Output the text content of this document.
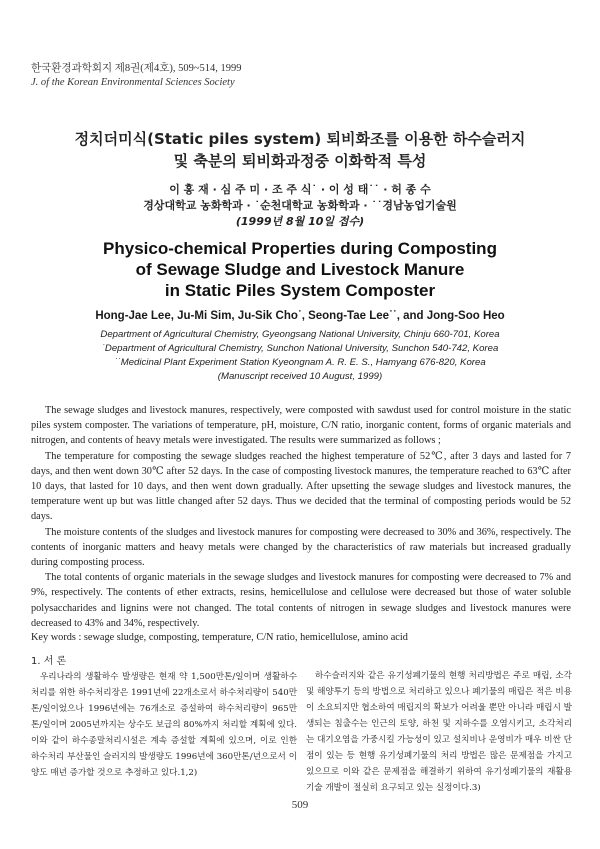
한국환경과학회지 제8권(제4호), 509~514, 1999
J. of the Korean Environmental Sciences Society
정치더미식(Static piles system) 퇴비화조를 이용한 하수슬러지
및 축분의 퇴비화과정중 이화학적 특성
이 홍 재 · 심 주 미 · 조 주 식˙ · 이 성 태˙˙ · 허 종 수
경상대학교 농화학과 · ˙순천대학교 농화학과 · ˙˙경남농업기술원
(1999년 8월 10일 접수)
Physico-chemical Properties during Composting
of Sewage Sludge and Livestock Manure
in Static Piles System Composter
Hong-Jae Lee, Ju-Mi Sim, Ju-Sik Cho˙, Seong-Tae Lee˙˙, and Jong-Soo Heo
Department of Agricultural Chemistry, Gyeongsang National University, Chinju 660-701, Korea
˙Department of Agricultural Chemistry, Sunchon National University, Sunchon 540-742, Korea
˙˙Medicinal Plant Experiment Station Kyeongnam A. R. E. S., Hamyang 676-820, Korea
(Manuscript received 10 August, 1999)

The sewage sludges and livestock manures, respectively, were composted with sawdust used for control moisture in the static piles system composter. The variations of temperature, pH, moisture, C/N ratio, inorganic content, forms of organic materials and nitrogen, and contents of heavy metals were investigated. The results were summarized as follows ;

The temperature for composting the sewage sludges reached the highest temperature of 52℃, after 3 days and lasted for 7 days, and then went down 30℃ after 52 days. In the case of composting livestock manures, the temperature reached to 63℃ after 10 days, that lasted for 10 days, and then went down gradually. After upsetting the sewage sludges and livestock manures, the temperature went up but was little changed after 52 days. Thus we decided that the terminal of composting periods would be 52 days.

The moisture contents of the sludges and livestock manures for composting were decreased to 30% and 36%, respectively. The contents of inorganic matters and heavy metals were changed by the characteristics of raw materials but increased gradually during composting process.

The total contents of organic materials in the sewage sludges and livestock manures for composting were decreased to 7% and 9%, respectively. The contents of ether extracts, resins, hemicellulose and cellulose were decreased but those of water soluble polysaccharides and lignins were not changed. The total contents of nitrogen in sewage sludges and livestock manures were decreased to 43% and 34%, respectively.

Key words : sewage sludge, composting, temperature, C/N ratio, hemicellulose, amino acid
1. 서 론

우리나라의 생활하수 발생량은 현재 약 1,500만톤/일이며 생활하수처리를 위한 하수처리장은 1991년에 22개소로서 하수처리량이 540만톤/일이었으나 1996년에는 76개소로 증설하여 하수처리량이 965만톤/일이며 2005년까지는 상수도 보급의 80%까지 처리할 계획에 있다. 이와 같이 하수종말처리시설은 계속 증설할 계획에 있으며, 이로 인한 하수처리 부산물인 슬러지의 발생량도 1996년에 360만톤/년으로서 이 양도 매년 증가할 것으로 추정하고 있다.1,2)

하수슬러지와 같은 유기성폐기물의 현행 처리방법은 주로 매립, 소각 및 해양투기 등의 방법으로 처리하고 있으나 폐기물의 매립은 적은 비용이 소요되지만 협소하여 매립지의 확보가 어려울 뿐만 아니라 매립시 발생되는 침출수는 인근의 토양, 하천 및 지하수를 오염시키고, 소각처리는 대기오염을 가중시킬 가능성이 있고 설치비나 운영비가 매우 비싼 단점이 있는 등 현행 유기성폐기물의 처리 방법은 많은 문제점을 가지고 있으므로 이와 같은 문제점을 해결하기 위하여 유기성폐기물의 재활용기술 개발이 절실히 요구되고 있는 실정이다.3)

509
